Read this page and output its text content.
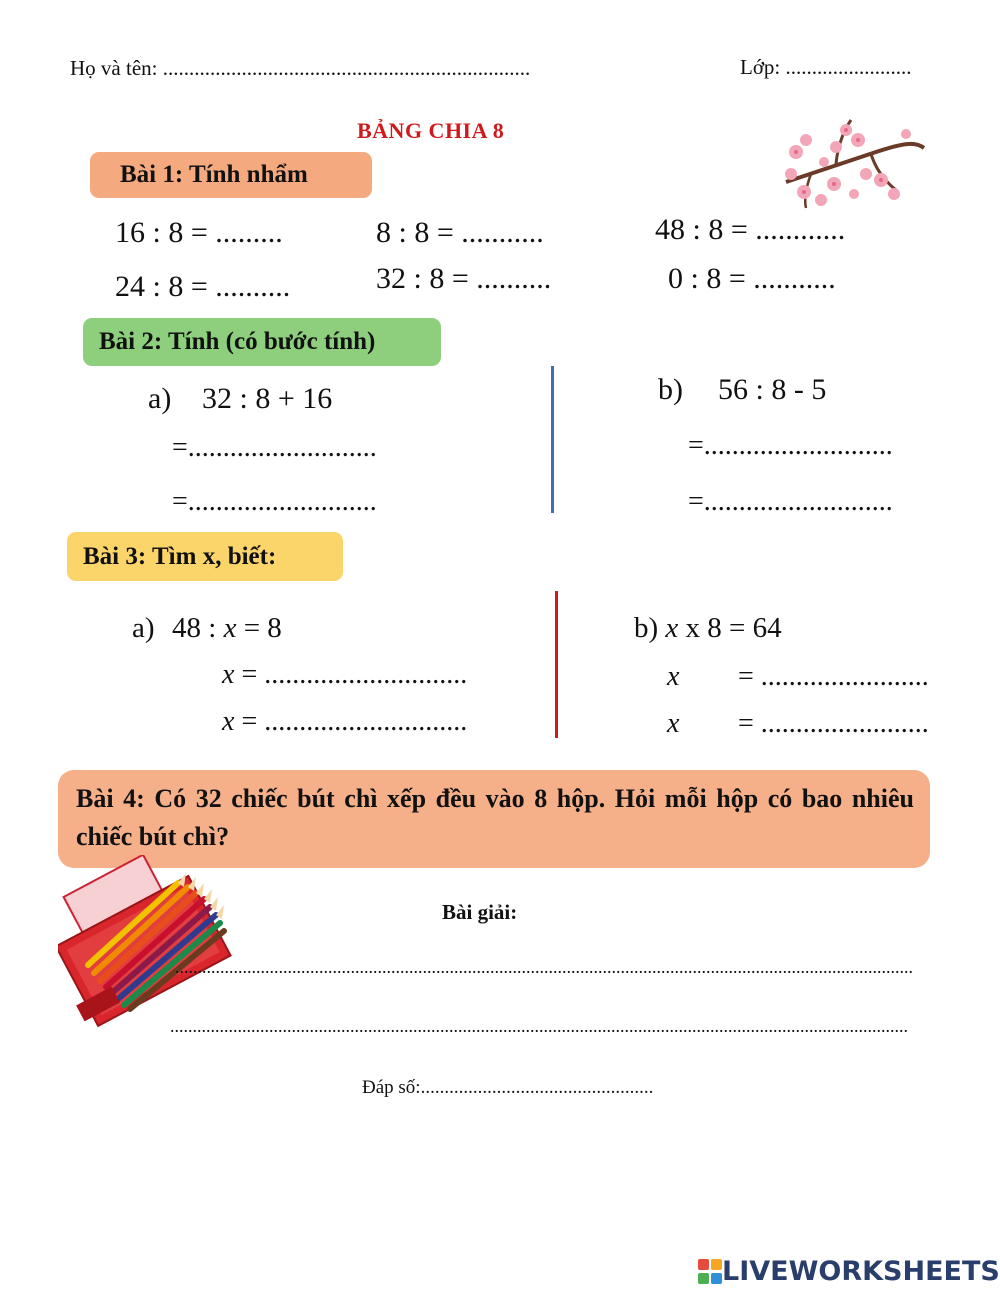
Họ và tên: ......................................................................	Lớp: ........................
BẢNG CHIA 8
Bài 1: Tính nhẩm
16 : 8 = .........
24 : 8 = ..........
8 : 8 = ...........
32 : 8 = ..........
48 : 8 = ............
0 : 8 = ...........
Bài 2: Tính (có bước tính)
a) 32 : 8 + 16
=...........................
=...........................
b) 56 : 8 - 5
=...........................
=...........................
Bài 3: Tìm x, biết:
a) 48 : x = 8
x = .............................
x = .............................
b) x x 8 = 64
x = ........................
x = ........................
Bài 4: Có 32 chiếc bút chì xếp đều vào 8 hộp. Hỏi mỗi hộp có bao nhiêu chiếc bút chì?
Bài giải:
....................................................................................................................................................................
....................................................................................................................................................................
Đáp số:.................................................
LIVEWORKSHEETS
